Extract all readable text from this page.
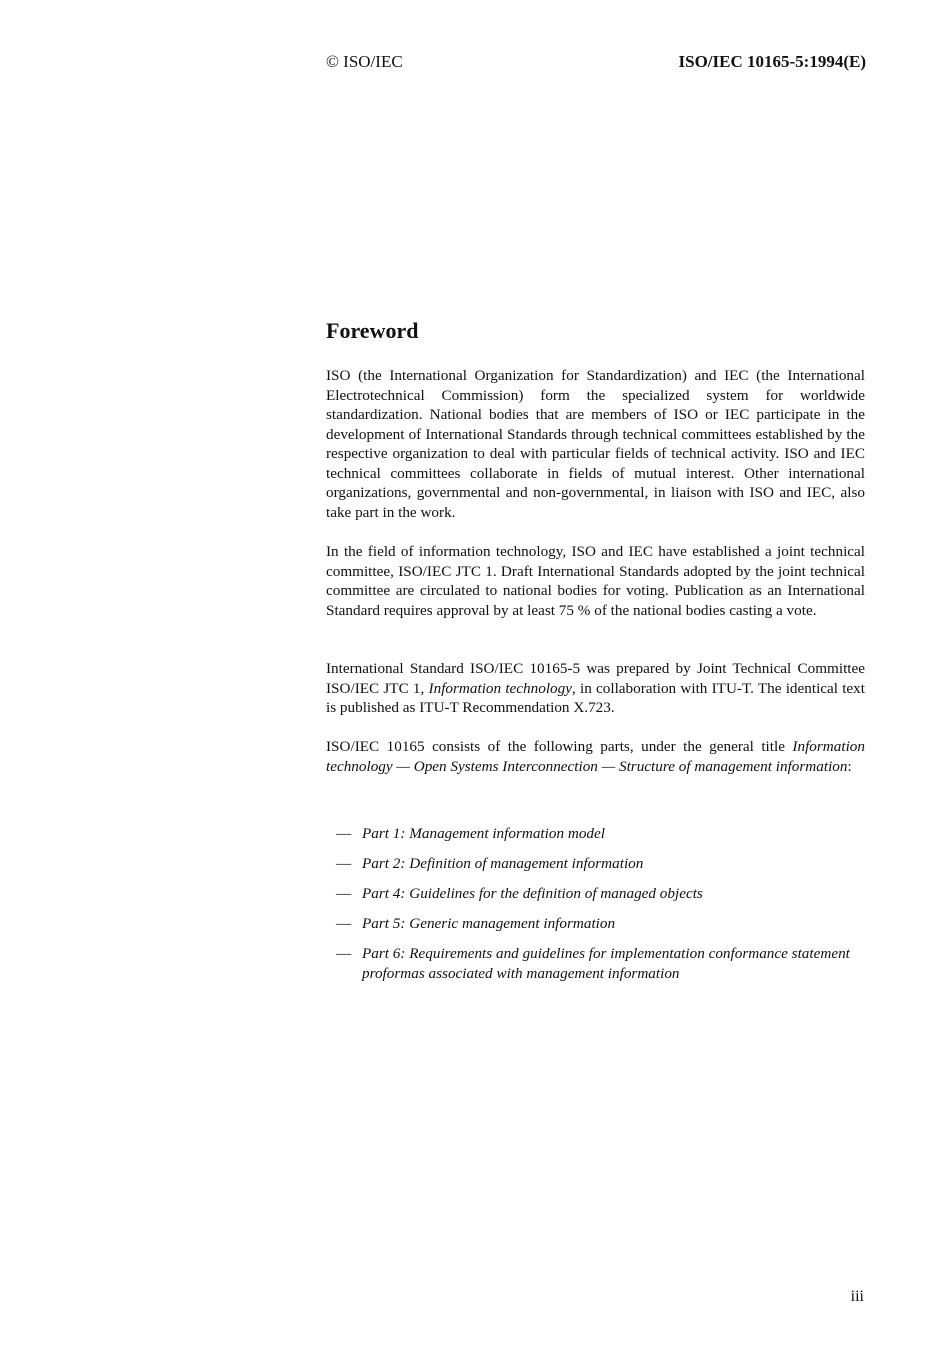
© ISO/IEC	ISO/IEC 10165-5:1994(E)
Foreword

ISO (the International Organization for Standardization) and IEC (the International Electrotechnical Commission) form the specialized system for worldwide standardization. National bodies that are members of ISO or IEC participate in the development of International Standards through technical committees established by the respective organization to deal with particular fields of technical activity. ISO and IEC technical committees collaborate in fields of mutual interest. Other international organizations, governmental and non-governmental, in liaison with ISO and IEC, also take part in the work.

In the field of information technology, ISO and IEC have established a joint technical committee, ISO/IEC JTC 1. Draft International Standards adopted by the joint technical committee are circulated to national bodies for voting. Publication as an International Standard requires approval by at least 75 % of the national bodies casting a vote.

International Standard ISO/IEC 10165-5 was prepared by Joint Technical Committee ISO/IEC JTC 1, Information technology, in collaboration with ITU-T. The identical text is published as ITU-T Recommendation X.723.

ISO/IEC 10165 consists of the following parts, under the general title Information technology — Open Systems Interconnection — Structure of management information:

— Part 1: Management information model
— Part 2: Definition of management information
— Part 4: Guidelines for the definition of managed objects
— Part 5: Generic management information
— Part 6: Requirements and guidelines for implementation conformance statement proformas associated with management information
iii
